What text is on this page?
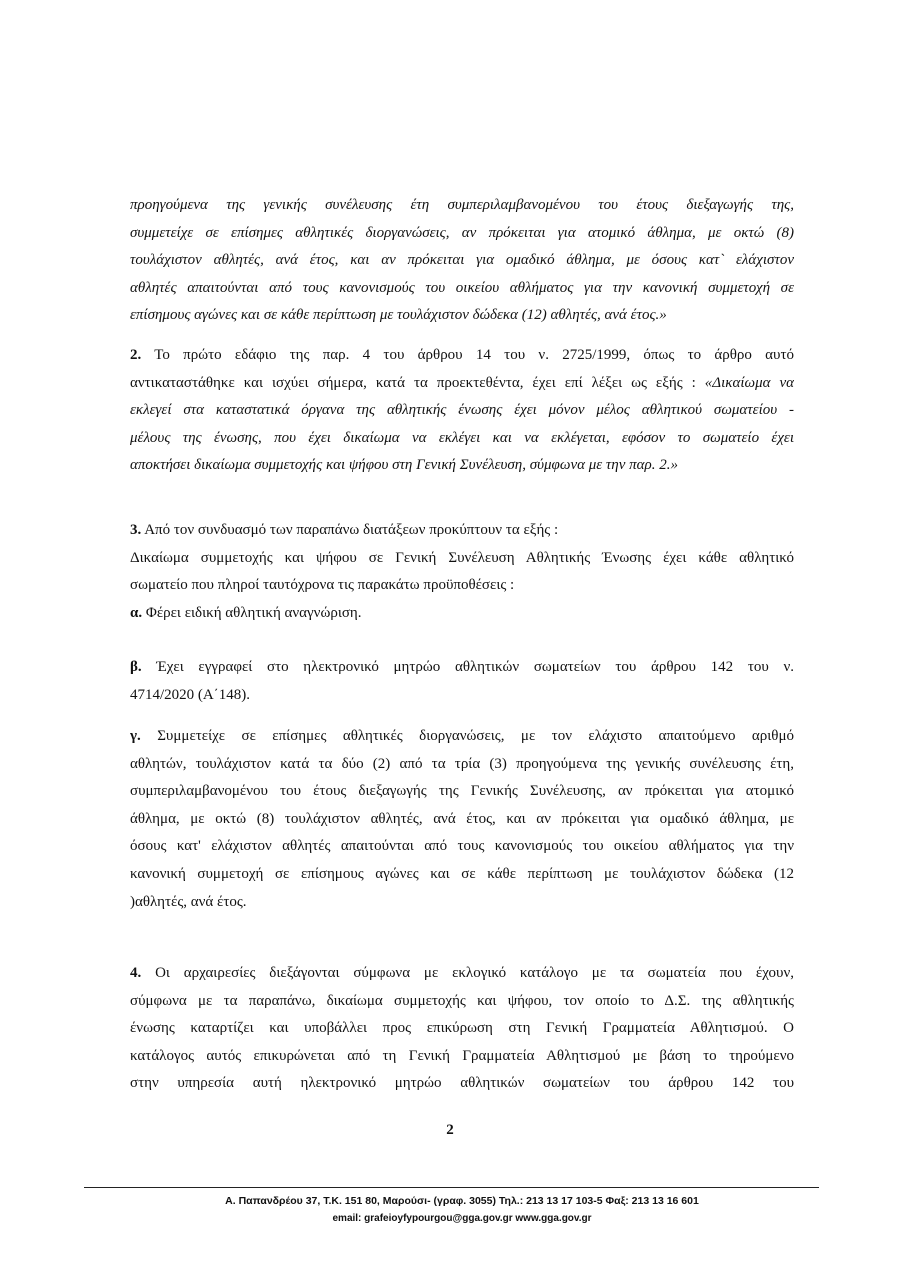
προηγούμενα της γενικής συνέλευσης έτη συμπεριλαμβανομένου του έτους διεξαγωγής της,
συμμετείχε σε επίσημες αθλητικές διοργανώσεις, αν πρόκειται για ατομικό άθλημα, με οκτώ (8)
τουλάχιστον αθλητές, ανά έτος, και αν πρόκειται για ομαδικό άθλημα, με όσους κατ` ελάχιστον
αθλητές απαιτούνται από τους κανονισμούς του οικείου αθλήματος για την κανονική συμμετοχή σε
επίσημους αγώνες και σε κάθε περίπτωση με τουλάχιστον δώδεκα (12) αθλητές, ανά έτος.»
2. Το πρώτο εδάφιο της παρ. 4 του άρθρου 14 του ν. 2725/1999, όπως το άρθρο αυτό
αντικαταστάθηκε και ισχύει σήμερα, κατά τα προεκτεθέντα, έχει επί λέξει ως εξής : «Δικαίωμα να
εκλεγεί στα καταστατικά όργανα της αθλητικής ένωσης έχει μόνον μέλος αθλητικού σωματείου -
μέλους της ένωσης, που έχει δικαίωμα να εκλέγει και να εκλέγεται, εφόσον το σωματείο έχει
αποκτήσει δικαίωμα συμμετοχής και ψήφου στη Γενική Συνέλευση, σύμφωνα με την παρ. 2.»
3. Από τον συνδυασμό των παραπάνω διατάξεων προκύπτουν τα εξής :
Δικαίωμα συμμετοχής και ψήφου σε Γενική Συνέλευση Αθλητικής Ένωσης έχει κάθε αθλητικό
σωματείο που πληροί ταυτόχρονα τις παρακάτω προϋποθέσεις :
α. Φέρει ειδική αθλητική αναγνώριση.
β. Έχει εγγραφεί στο ηλεκτρονικό μητρώο αθλητικών σωματείων του άρθρου 142 του ν.
4714/2020 (Α΄148).
γ. Συμμετείχε σε επίσημες αθλητικές διοργανώσεις, με τον ελάχιστο απαιτούμενο αριθμό
αθλητών, τουλάχιστον κατά τα δύο (2) από τα τρία (3) προηγούμενα της γενικής συνέλευσης έτη,
συμπεριλαμβανομένου του έτους διεξαγωγής της Γενικής Συνέλευσης, αν πρόκειται για ατομικό
άθλημα, με οκτώ (8) τουλάχιστον αθλητές, ανά έτος, και αν πρόκειται για ομαδικό άθλημα, με
όσους κατ' ελάχιστον αθλητές απαιτούνται από τους κανονισμούς του οικείου αθλήματος για την
κανονική συμμετοχή σε επίσημους αγώνες και σε κάθε περίπτωση με τουλάχιστον δώδεκα (12
)αθλητές, ανά έτος.
4. Οι αρχαιρεσίες διεξάγονται σύμφωνα με εκλογικό κατάλογο με τα σωματεία που έχουν,
σύμφωνα με τα παραπάνω, δικαίωμα συμμετοχής και ψήφου, τον οποίο το Δ.Σ. της αθλητικής
ένωσης καταρτίζει και υποβάλλει προς επικύρωση στη Γενική Γραμματεία Αθλητισμού. Ο
κατάλογος αυτός επικυρώνεται από τη Γενική Γραμματεία Αθλητισμού με βάση το τηρούμενο
στην υπηρεσία αυτή ηλεκτρονικό μητρώο αθλητικών σωματείων του άρθρου 142 του
2
Α. Παπανδρέου 37, Τ.Κ. 151 80, Μαρούσι- (γραφ. 3055) Τηλ.: 213 13 17 103-5 Φαξ: 213 13 16 601
email: grafeioyfypourgou@gga.gov.gr www.gga.gov.gr
